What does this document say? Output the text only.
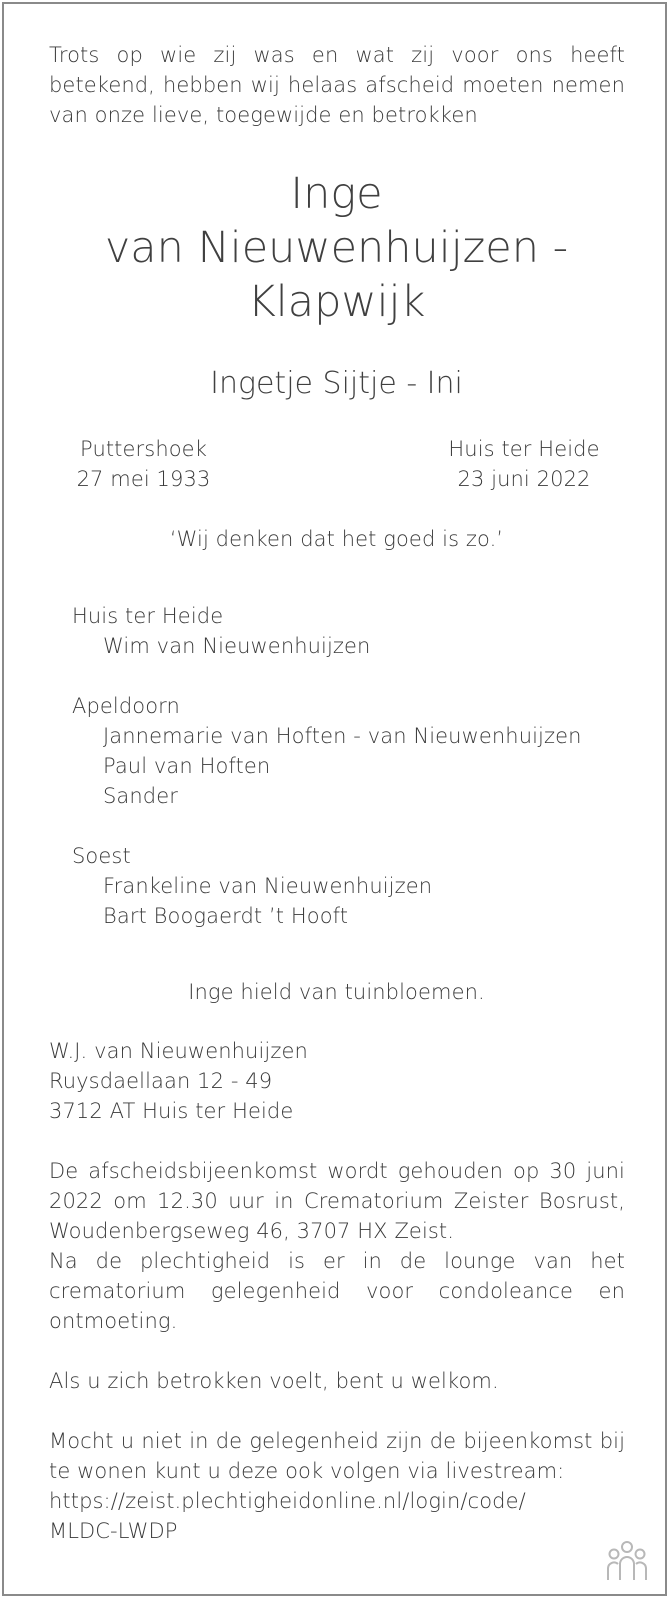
Trots op wie zij was en wat zij voor ons heeft betekend, hebben wij helaas afscheid moeten nemen van onze lieve, toegewijde en betrokken
Inge
van Nieuwenhuijzen -
Klapwijk
Ingetje Sijtje - Ini
Puttershoek
27 mei 1933
Huis ter Heide
23 juni 2022
‘Wij denken dat het goed is zo.’
Huis ter Heide
Wim van Nieuwenhuijzen
Apeldoorn
Jannemarie van Hoften - van Nieuwenhuijzen
Paul van Hoften
Sander
Soest
Frankeline van Nieuwenhuijzen
Bart Boogaerdt ’t Hooft
Inge hield van tuinbloemen.
W.J. van Nieuwenhuijzen
Ruysdaellaan 12 - 49
3712 AT Huis ter Heide
De afscheidsbijeenkomst wordt gehouden op 30 juni 2022 om 12.30 uur in Crematorium Zeister Bosrust, Woudenbergseweg 46, 3707 HX Zeist.
Na de plechtigheid is er in de lounge van het crematorium gelegenheid voor condoleance en ontmoeting.
Als u zich betrokken voelt, bent u welkom.
Mocht u niet in de gelegenheid zijn de bijeenkomst bij te wonen kunt u deze ook volgen via livestream:
https://zeist.plechtigheidonline.nl/login/code/
MLDC-LWDP
